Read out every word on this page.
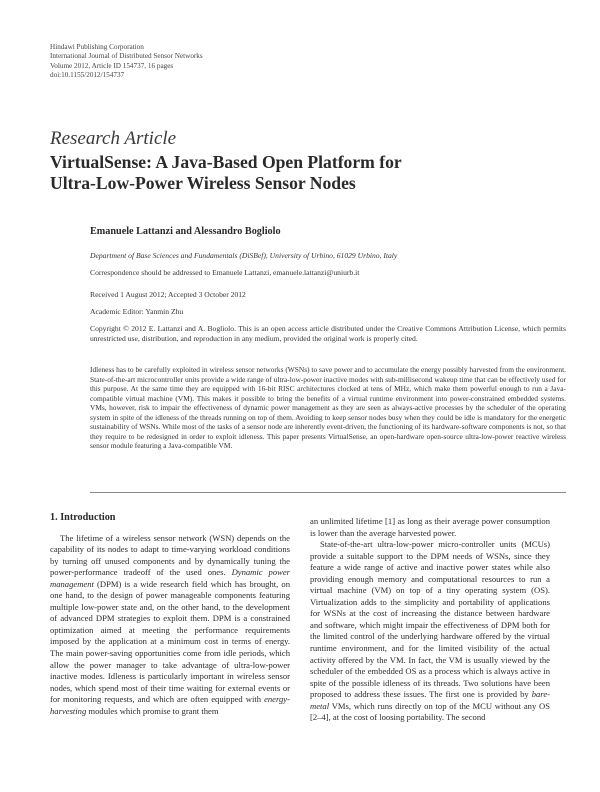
Hindawi Publishing Corporation
International Journal of Distributed Sensor Networks
Volume 2012, Article ID 154737, 16 pages
doi:10.1155/2012/154737
Research Article
VirtualSense: A Java-Based Open Platform for
Ultra-Low-Power Wireless Sensor Nodes
Emanuele Lattanzi and Alessandro Bogliolo
Department of Base Sciences and Fundamentals (DiSBef), University of Urbino, 61029 Urbino, Italy
Correspondence should be addressed to Emanuele Lattanzi, emanuele.lattanzi@uniurb.it
Received 1 August 2012; Accepted 3 October 2012
Academic Editor: Yanmin Zhu
Copyright © 2012 E. Lattanzi and A. Bogliolo. This is an open access article distributed under the Creative Commons Attribution License, which permits unrestricted use, distribution, and reproduction in any medium, provided the original work is properly cited.
Idleness has to be carefully exploited in wireless sensor networks (WSNs) to save power and to accumulate the energy possibly harvested from the environment. State-of-the-art microcontroller units provide a wide range of ultra-low-power inactive modes with sub-millisecond wakeup time that can be effectively used for this purpose. At the same time they are equipped with 16-bit RISC architectures clocked at tens of MHz, which make them powerful enough to run a Java-compatible virtual machine (VM). This makes it possible to bring the benefits of a virtual runtime environment into power-constrained embedded systems. VMs, however, risk to impair the effectiveness of dynamic power management as they are seen as always-active processes by the scheduler of the operating system in spite of the idleness of the threads running on top of them. Avoiding to keep sensor nodes busy when they could be idle is mandatory for the energetic sustainability of WSNs. While most of the tasks of a sensor node are inherently event-driven, the functioning of its hardware-software components is not, so that they require to be redesigned in order to exploit idleness. This paper presents VirtualSense, an open-hardware open-source ultra-low-power reactive wireless sensor module featuring a Java-compatible VM.

1. Introduction

The lifetime of a wireless sensor network (WSN) depends on the capability of its nodes to adapt to time-varying workload conditions by turning off unused components and by dynamically tuning the power-performance tradeoff of the used ones. Dynamic power management (DPM) is a wide research field which has brought, on one hand, to the design of power manageable components featuring multiple low-power state and, on the other hand, to the development of advanced DPM strategies to exploit them. DPM is a constrained optimization aimed at meeting the performance requirements imposed by the application at a minimum cost in terms of energy. The main power-saving opportunities come from idle periods, which allow the power manager to take advantage of ultra-low-power inactive modes. Idleness is particularly important in wireless sensor nodes, which spend most of their time waiting for external events or for monitoring requests, and which are often equipped with energy-harvesting modules which promise to grant them

an unlimited lifetime [1] as long as their average power consumption is lower than the average harvested power.

State-of-the-art ultra-low-power micro-controller units (MCUs) provide a suitable support to the DPM needs of WSNs, since they feature a wide range of active and inactive power states while also providing enough memory and computational resources to run a virtual machine (VM) on top of a tiny operating system (OS). Virtualization adds to the simplicity and portability of applications for WSNs at the cost of increasing the distance between hardware and software, which might impair the effectiveness of DPM both for the limited control of the underlying hardware offered by the virtual runtime environment, and for the limited visibility of the actual activity offered by the VM. In fact, the VM is usually viewed by the scheduler of the embedded OS as a process which is always active in spite of the possible idleness of its threads. Two solutions have been proposed to address these issues. The first one is provided by bare-metal VMs, which runs directly on top of the MCU without any OS [2–4], at the cost of loosing portability. The second
